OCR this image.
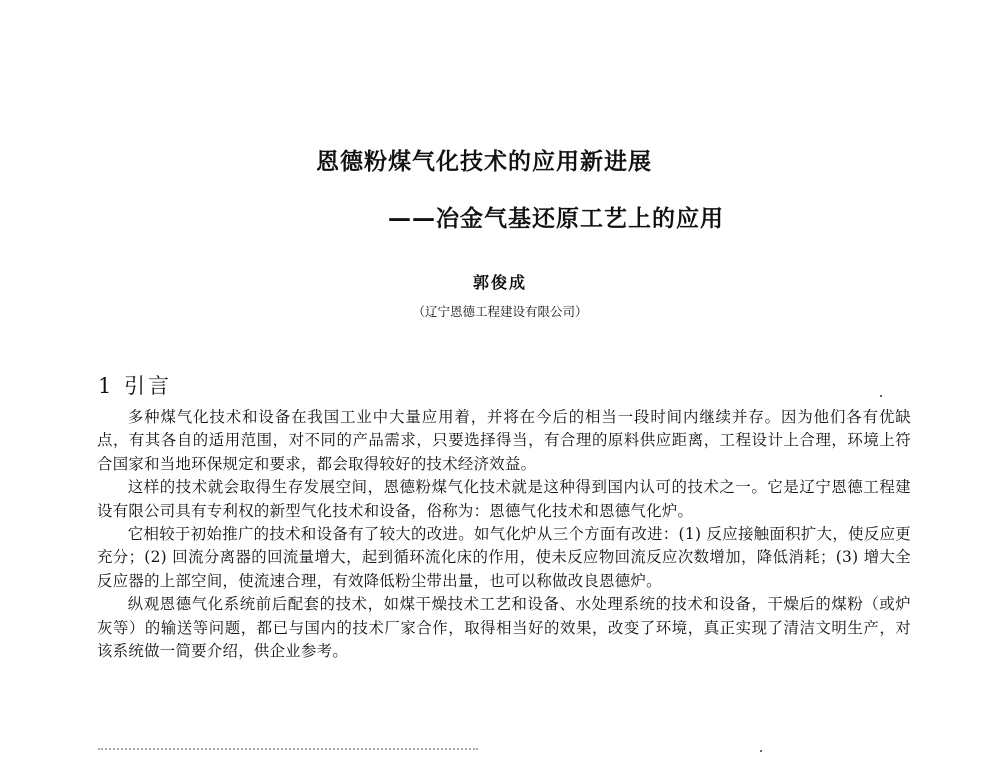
恩德粉煤气化技术的应用新进展
——冶金气基还原工艺上的应用
郭俊成
（辽宁恩德工程建设有限公司）
1 引言

多种煤气化技术和设备在我国工业中大量应用着，并将在今后的相当一段时间内继续并存。因为他们各有优缺点，有其各自的适用范围，对不同的产品需求，只要选择得当，有合理的原料供应距离，工程设计上合理，环境上符合国家和当地环保规定和要求，都会取得较好的技术经济效益。

这样的技术就会取得生存发展空间，恩德粉煤气化技术就是这种得到国内认可的技术之一。它是辽宁恩德工程建设有限公司具有专利权的新型气化技术和设备，俗称为：恩德气化技术和恩德气化炉。

它相较于初始推广的技术和设备有了较大的改进。如气化炉从三个方面有改进：(1) 反应接触面积扩大，使反应更充分；(2) 回流分离器的回流量增大，起到循环流化床的作用，使未反应物回流反应次数增加，降低消耗；(3) 增大全反应器的上部空间，使流速合理，有效降低粉尘带出量，也可以称做改良恩德炉。

纵观恩德气化系统前后配套的技术，如煤干燥技术工艺和设备、水处理系统的技术和设备，干燥后的煤粉（或炉灰等）的输送等问题，都已与国内的技术厂家合作，取得相当好的效果，改变了环境，真正实现了清洁文明生产，对该系统做一简要介绍，供企业参考。
